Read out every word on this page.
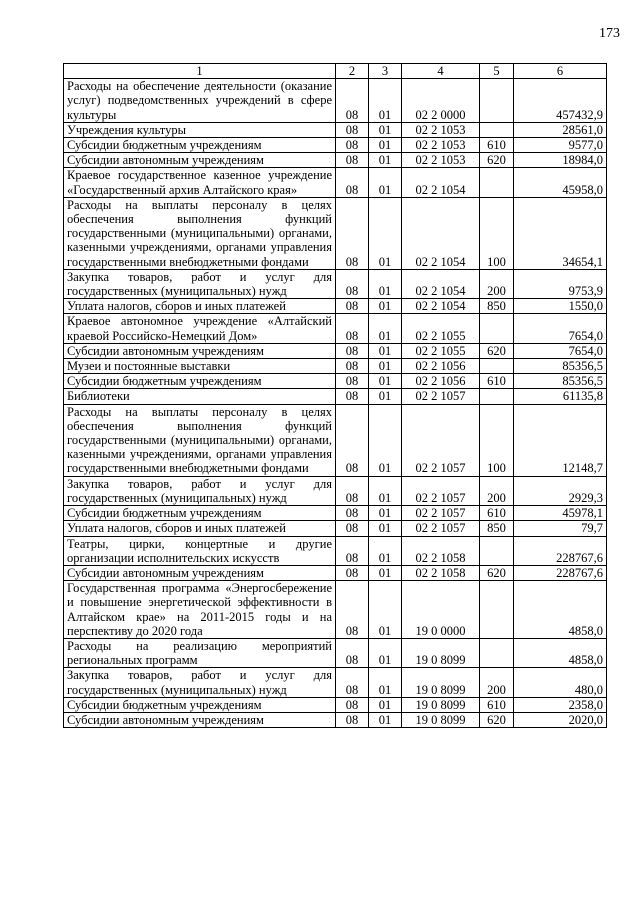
173
1	2	3	4	5	6
Расходы на обеспечение деятельности (оказание услуг) подведомственных учреждений в сфере культуры	08	01	02 2 0000		457432,9
Учреждения культуры	08	01	02 2 1053		28561,0
Субсидии бюджетным учреждениям	08	01	02 2 1053	610	9577,0
Субсидии автономным учреждениям	08	01	02 2 1053	620	18984,0
Краевое государственное казенное учреждение «Государственный архив Алтайского края»	08	01	02 2 1054		45958,0
Расходы на выплаты персоналу в целях обеспечения выполнения функций государственными (муниципальными) органами, казенными учреждениями, органами управления государственными внебюджетными фондами	08	01	02 2 1054	100	34654,1
Закупка товаров, работ и услуг для государственных (муниципальных) нужд	08	01	02 2 1054	200	9753,9
Уплата налогов, сборов и иных платежей	08	01	02 2 1054	850	1550,0
Краевое автономное учреждение «Алтайский краевой Российско-Немецкий Дом»	08	01	02 2 1055		7654,0
Субсидии автономным учреждениям	08	01	02 2 1055	620	7654,0
Музеи и постоянные выставки	08	01	02 2 1056		85356,5
Субсидии бюджетным учреждениям	08	01	02 2 1056	610	85356,5
Библиотеки	08	01	02 2 1057		61135,8
Расходы на выплаты персоналу в целях обеспечения выполнения функций государственными (муниципальными) органами, казенными учреждениями, органами управления государственными внебюджетными фондами	08	01	02 2 1057	100	12148,7
Закупка товаров, работ и услуг для государственных (муниципальных) нужд	08	01	02 2 1057	200	2929,3
Субсидии бюджетным учреждениям	08	01	02 2 1057	610	45978,1
Уплата налогов, сборов и иных платежей	08	01	02 2 1057	850	79,7
Театры, цирки, концертные и другие организации исполнительских искусств	08	01	02 2 1058		228767,6
Субсидии автономным учреждениям	08	01	02 2 1058	620	228767,6
Государственная программа «Энергосбережение и повышение энергетической эффективности в Алтайском крае» на 2011-2015 годы и на перспективу до 2020 года	08	01	19 0 0000		4858,0
Расходы на реализацию мероприятий региональных программ	08	01	19 0 8099		4858,0
Закупка товаров, работ и услуг для государственных (муниципальных) нужд	08	01	19 0 8099	200	480,0
Субсидии бюджетным учреждениям	08	01	19 0 8099	610	2358,0
Субсидии автономным учреждениям	08	01	19 0 8099	620	2020,0
